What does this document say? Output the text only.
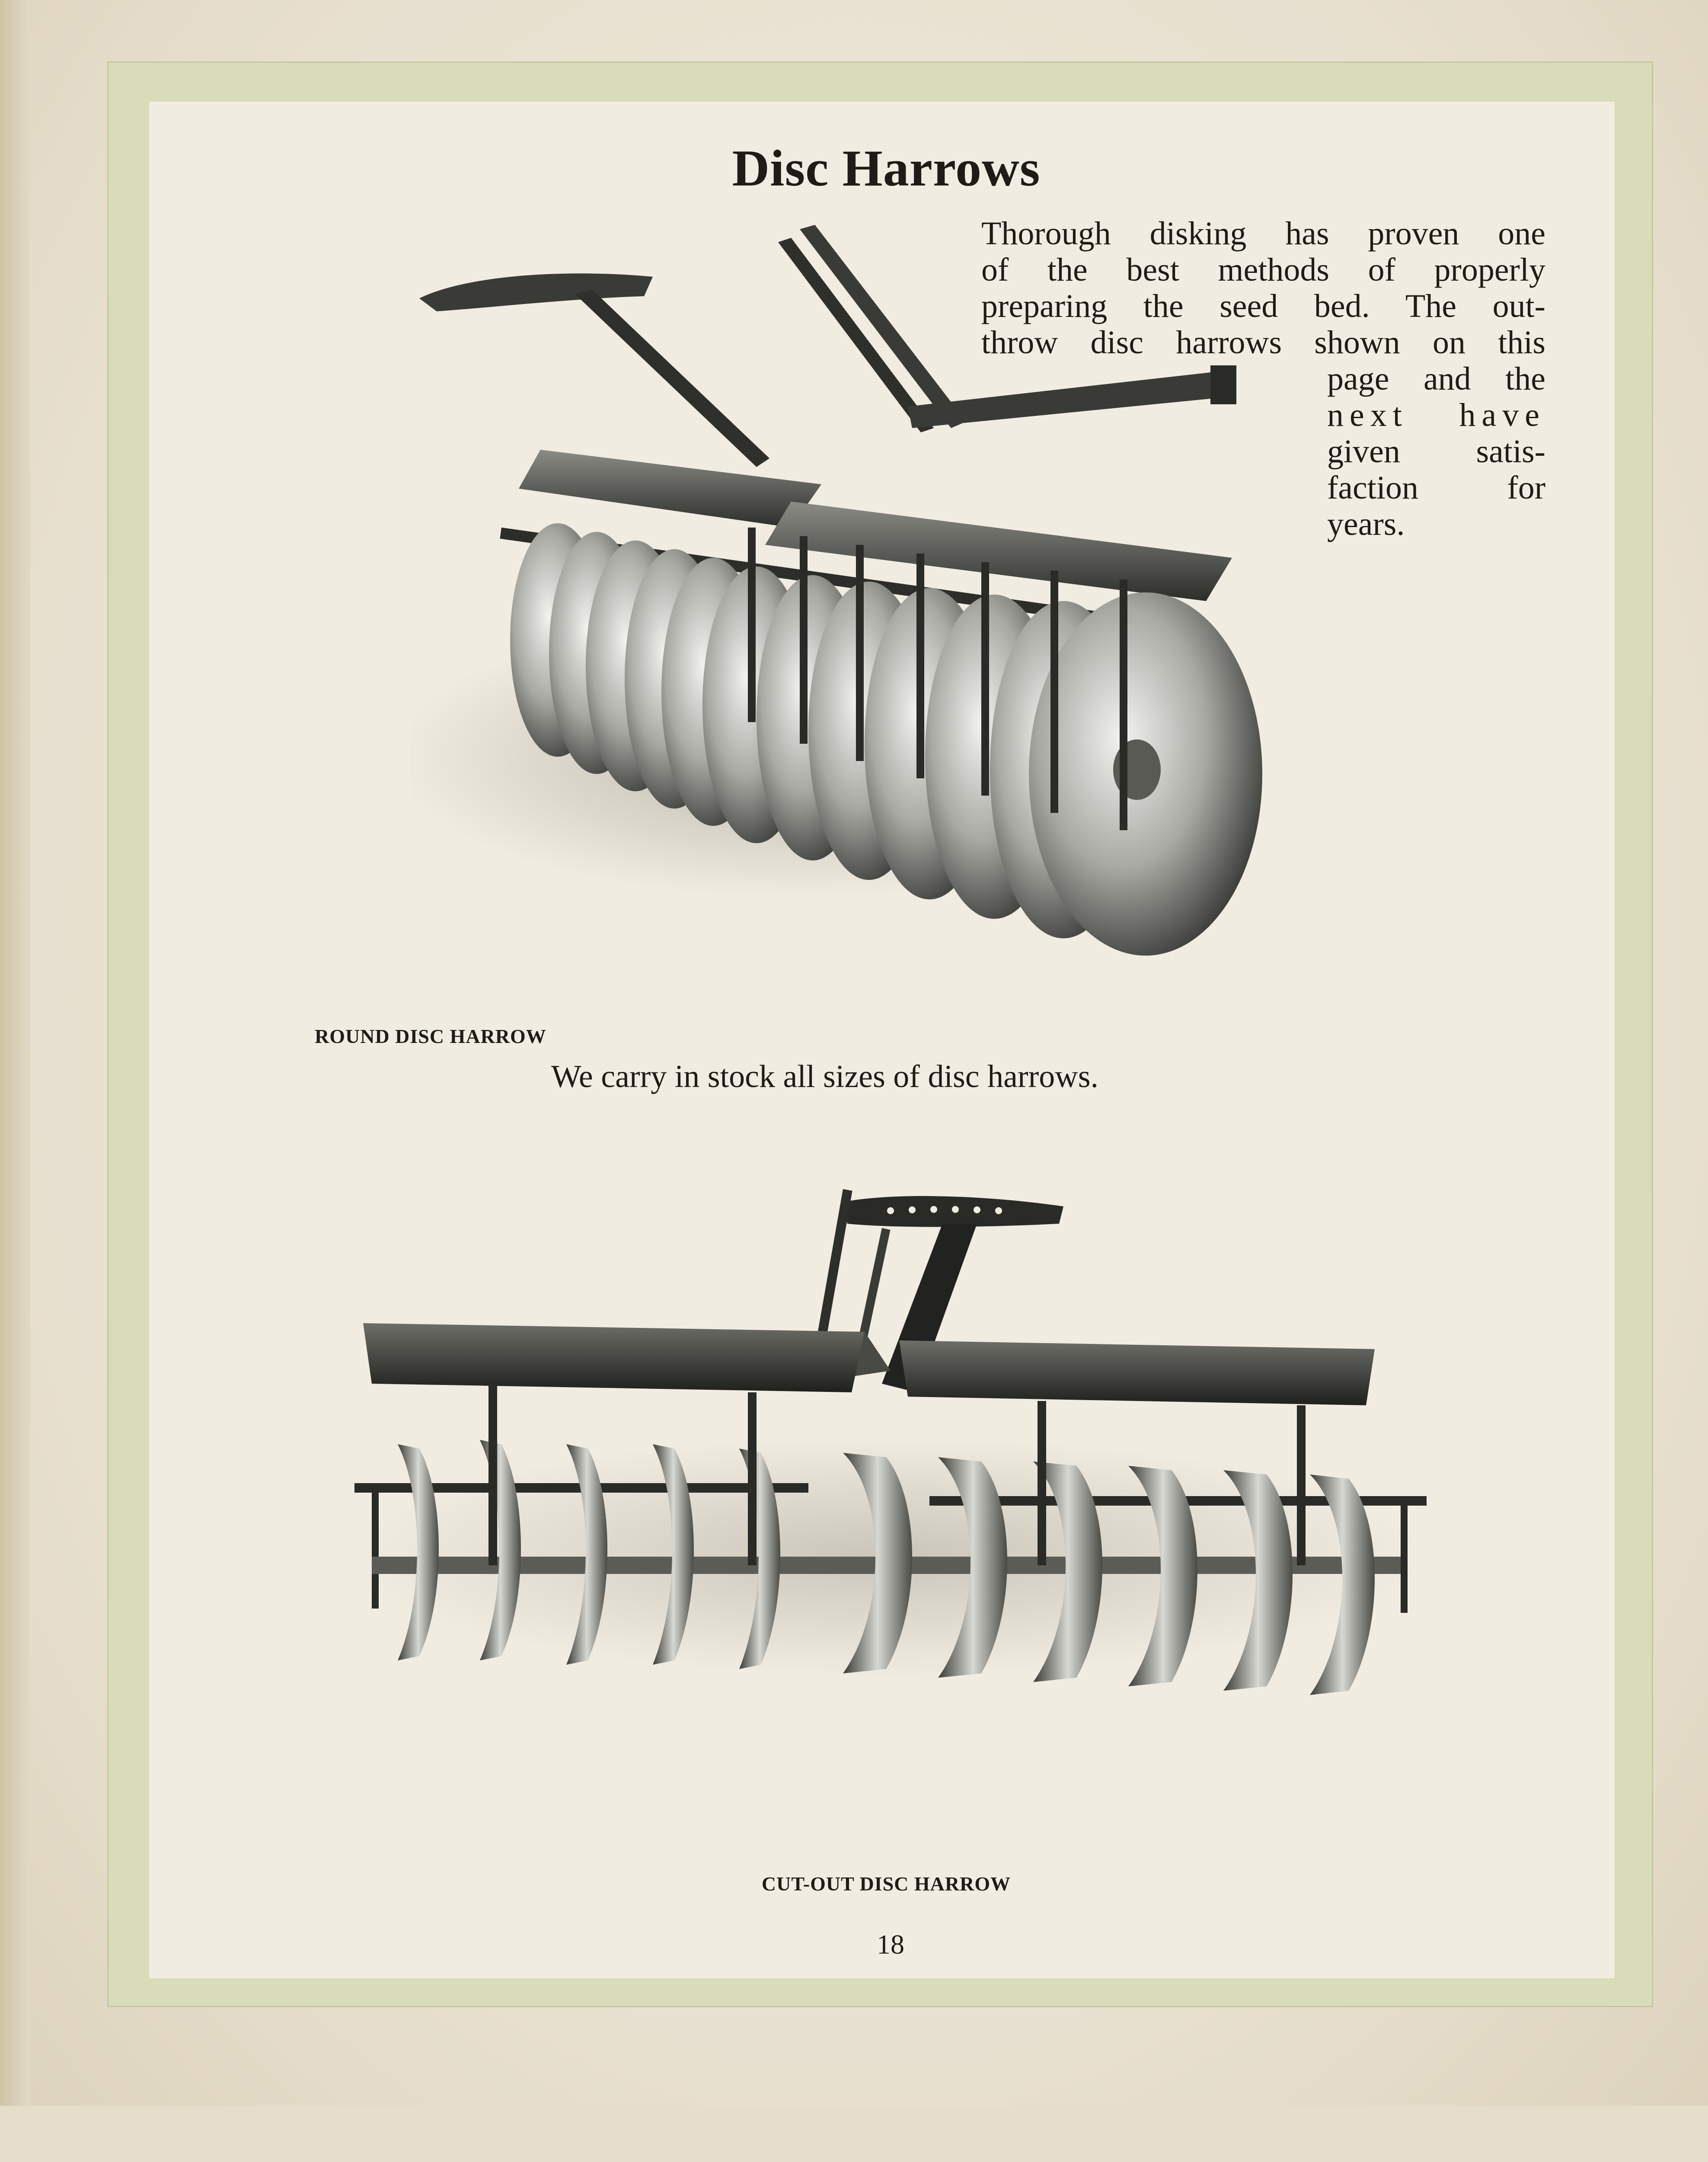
Disc Harrows
Thorough disking has proven one
of the best methods of properly
preparing the seed bed. The out-
throw disc harrows shown on this
page and the
next have
given satis-
faction for
years.
ROUND DISC HARROW
We carry in stock all sizes of disc harrows.
CUT-OUT DISC HARROW
18
